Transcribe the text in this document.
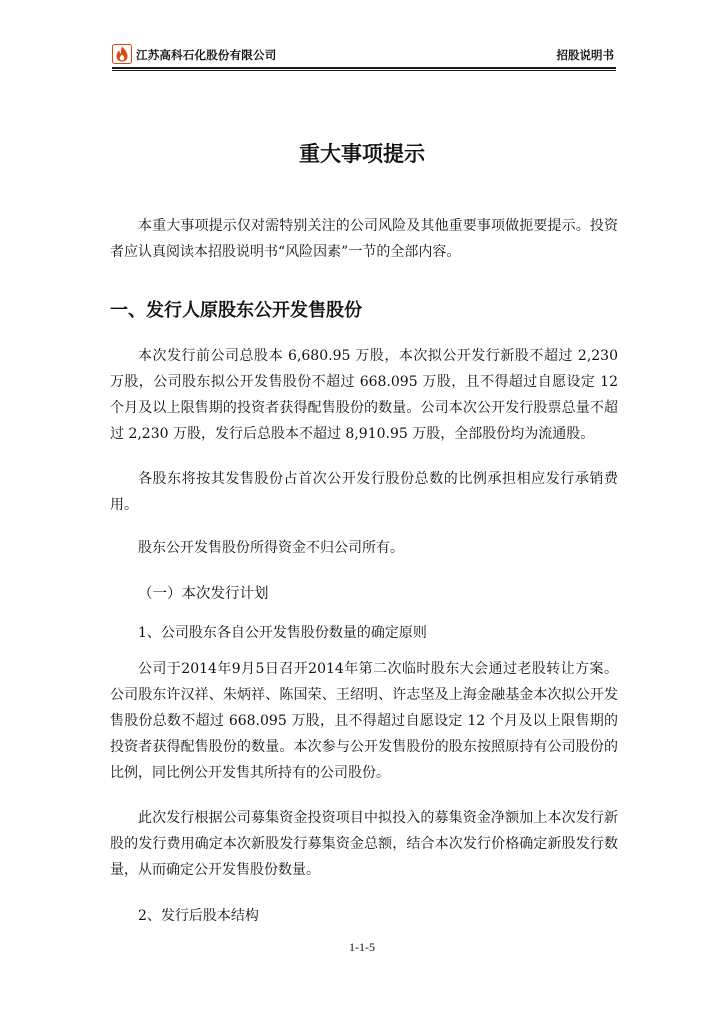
江苏高科石化股份有限公司	招股说明书
重大事项提示
本重大事项提示仅对需特别关注的公司风险及其他重要事项做扼要提示。投资者应认真阅读本招股说明书“风险因素”一节的全部内容。
一、发行人原股东公开发售股份
本次发行前公司总股本 6,680.95 万股，本次拟公开发行新股不超过 2,230 万股，公司股东拟公开发售股份不超过 668.095 万股，且不得超过自愿设定 12 个月及以上限售期的投资者获得配售股份的数量。公司本次公开发行股票总量不超过 2,230 万股，发行后总股本不超过 8,910.95 万股，全部股份均为流通股。
各股东将按其发售股份占首次公开发行股份总数的比例承担相应发行承销费用。
股东公开发售股份所得资金不归公司所有。
（一）本次发行计划
1、公司股东各自公开发售股份数量的确定原则
公司于2014年9月5日召开2014年第二次临时股东大会通过老股转让方案。公司股东许汉祥、朱炳祥、陈国荣、王绍明、许志坚及上海金融基金本次拟公开发售股份总数不超过 668.095 万股，且不得超过自愿设定 12 个月及以上限售期的投资者获得配售股份的数量。本次参与公开发售股份的股东按照原持有公司股份的比例，同比例公开发售其所持有的公司股份。
此次发行根据公司募集资金投资项目中拟投入的募集资金净额加上本次发行新股的发行费用确定本次新股发行募集资金总额，结合本次发行价格确定新股发行数量，从而确定公开发售股份数量。
2、发行后股本结构
1-1-5
